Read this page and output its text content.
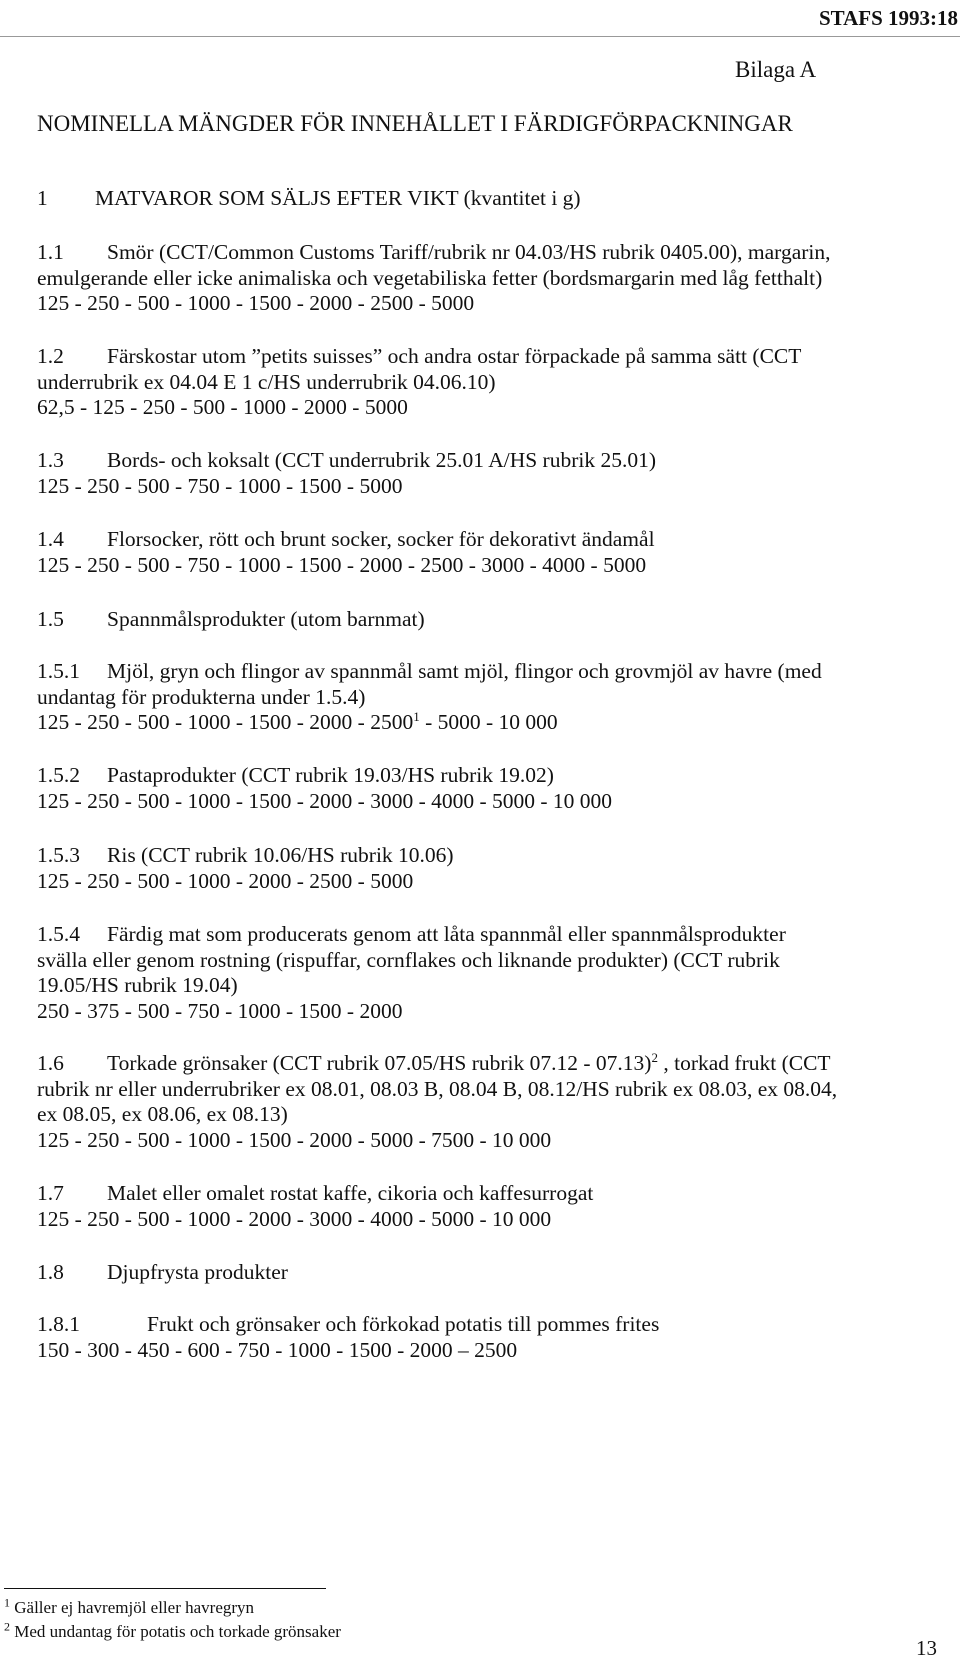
STAFS 1993:18
Bilaga A
NOMINELLA MÄNGDER FÖR INNEHÅLLET I FÄRDIGFÖRPACKNINGAR
1 MATVAROR SOM SÄLJS EFTER VIKT (kvantitet i g)
1.1 Smör (CCT/Common Customs Tariff/rubrik nr 04.03/HS rubrik 0405.00), margarin,
emulgerande eller icke animaliska och vegetabiliska fetter (bordsmargarin med låg fetthalt)
125 - 250 - 500 - 1000 - 1500 - 2000 - 2500 - 5000
1.2 Färskostar utom ”petits suisses” och andra ostar förpackade på samma sätt (CCT
underrubrik ex 04.04 E 1 c/HS underrubrik 04.06.10)
62,5 - 125 - 250 - 500 - 1000 - 2000 - 5000
1.3 Bords- och koksalt (CCT underrubrik 25.01 A/HS rubrik 25.01)
125 - 250 - 500 - 750 - 1000 - 1500 - 5000
1.4 Florsocker, rött och brunt socker, socker för dekorativt ändamål
125 - 250 - 500 - 750 - 1000 - 1500 - 2000 - 2500 - 3000 - 4000 - 5000
1.5 Spannmålsprodukter (utom barnmat)
1.5.1 Mjöl, gryn och flingor av spannmål samt mjöl, flingor och grovmjöl av havre (med
undantag för produkterna under 1.5.4)
125 - 250 - 500 - 1000 - 1500 - 2000 - 2500$^1$ - 5000 - 10 000
1.5.2 Pastaprodukter (CCT rubrik 19.03/HS rubrik 19.02)
125 - 250 - 500 - 1000 - 1500 - 2000 - 3000 - 4000 - 5000 - 10 000
1.5.3 Ris (CCT rubrik 10.06/HS rubrik 10.06)
125 - 250 - 500 - 1000 - 2000 - 2500 - 5000
1.5.4 Färdig mat som producerats genom att låta spannmål eller spannmålsprodukter
svälla eller genom rostning (rispuffar, cornflakes och liknande produkter) (CCT rubrik
19.05/HS rubrik 19.04)
250 - 375 - 500 - 750 - 1000 - 1500 - 2000
1.6 Torkade grönsaker (CCT rubrik 07.05/HS rubrik 07.12 - 07.13)$^2$ , torkad frukt (CCT
rubrik nr eller underrubriker ex 08.01, 08.03 B, 08.04 B, 08.12/HS rubrik ex 08.03, ex 08.04,
ex 08.05, ex 08.06, ex 08.13)
125 - 250 - 500 - 1000 - 1500 - 2000 - 5000 - 7500 - 10 000
1.7 Malet eller omalet rostat kaffe, cikoria och kaffesurrogat
125 - 250 - 500 - 1000 - 2000 - 3000 - 4000 - 5000 - 10 000
1.8 Djupfrysta produkter
1.8.1	Frukt och grönsaker och förkokad potatis till pommes frites
150 - 300 - 450 - 600 - 750 - 1000 - 1500 - 2000 – 2500
$^1$ Gäller ej havremjöl eller havregryn
$^2$ Med undantag för potatis och torkade grönsaker
13
